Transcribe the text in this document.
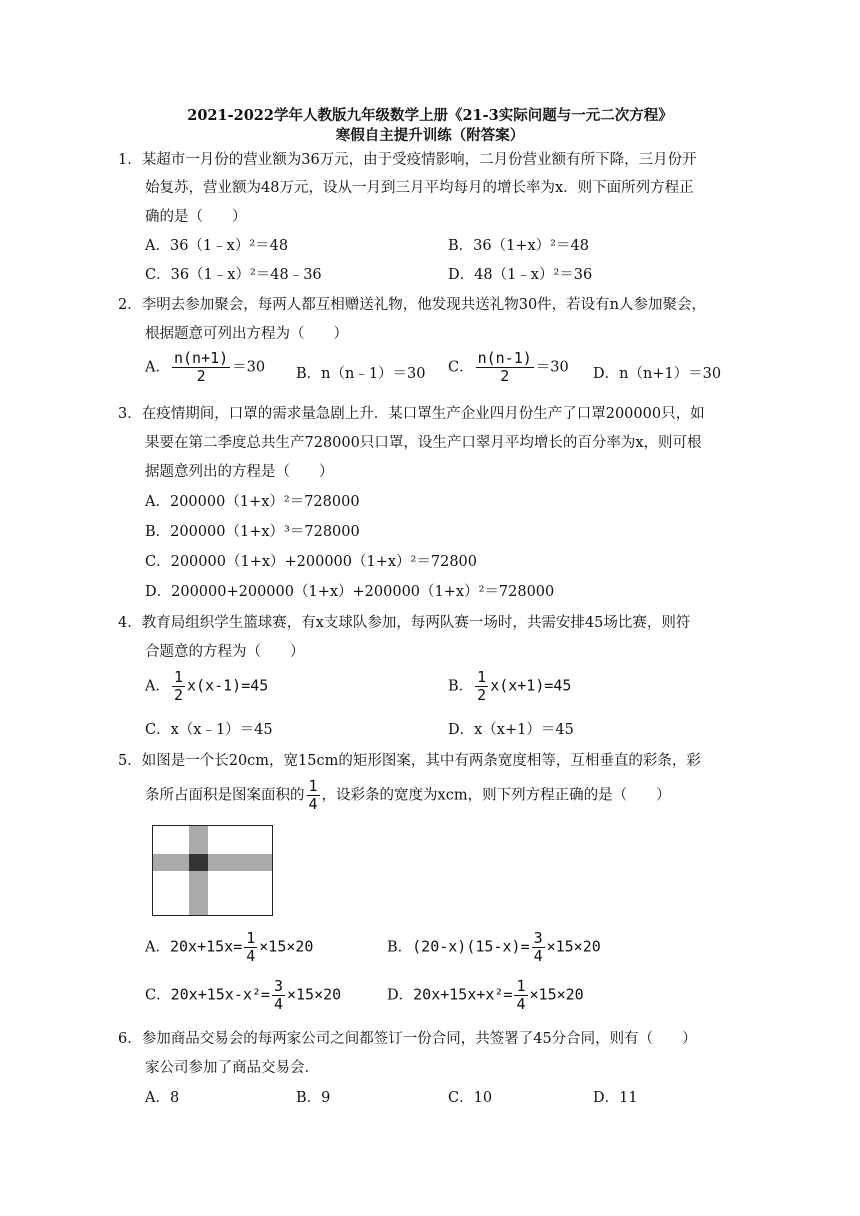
2021-2022学年人教版九年级数学上册《21-3实际问题与一元二次方程》
寒假自主提升训练（附答案）
1．某超市一月份的营业额为36万元，由于受疫情影响，二月份营业额有所下降，三月份开
始复苏，营业额为48万元，设从一月到三月平均每月的增长率为x．则下面所列方程正
确的是（　　）
A．36（1﹣x）²＝48	B．36（1+x）²＝48
C．36（1﹣x）²＝48﹣36	D．48（1﹣x）²＝36
2．李明去参加聚会，每两人都互相赠送礼物，他发现共送礼物30件，若设有n人参加聚会，
根据题意可列出方程为（　　）
A． $\frac{n(n+1)}{2} =30$ B．n（n﹣1）＝30 C． $\frac{n(n-1)}{2} =30$ D．n（n+1）＝30
3．在疫情期间，口罩的需求量急剧上升．某口罩生产企业四月份生产了口罩200000只，如
果要在第二季度总共生产728000只口罩，设生产口翠月平均增长的百分率为x，则可根
据题意列出的方程是（　　）
A．200000（1+x）²＝728000
B．200000（1+x）³＝728000
C．200000（1+x）+200000（1+x）²＝72800
D．200000+200000（1+x）+200000（1+x）²＝728000
4．教育局组织学生篮球赛，有x支球队参加，每两队赛一场时，共需安排45场比赛，则符
合题意的方程为（　　）
A． $\frac{1}{2} x(x-1)=45$	B． $\frac{1}{2} x(x+1)=45$
C．x（x﹣1）＝45	D．x（x+1）＝45
5．如图是一个长20cm，宽15cm的矩形图案，其中有两条宽度相等，互相垂直的彩条，彩
条所占面积是图案面积的 $\frac{1}{4}$ ，设彩条的宽度为xcm，则下列方程正确的是（　　）
A．$20x+15x= \frac{1}{4} \times 15\times 20$	B．$(20-x)(15-x)= \frac{3}{4} \times 15\times 20$
C．$20x+15x-x^2= \frac{3}{4} \times 15\times 20$	D．$20x+15x+x^2= \frac{1}{4} \times 15\times 20$
6．参加商品交易会的每两家公司之间都签订一份合同，共签署了45分合同，则有（　　）
家公司参加了商品交易会．
A．8	B．9	C．10	D．11
